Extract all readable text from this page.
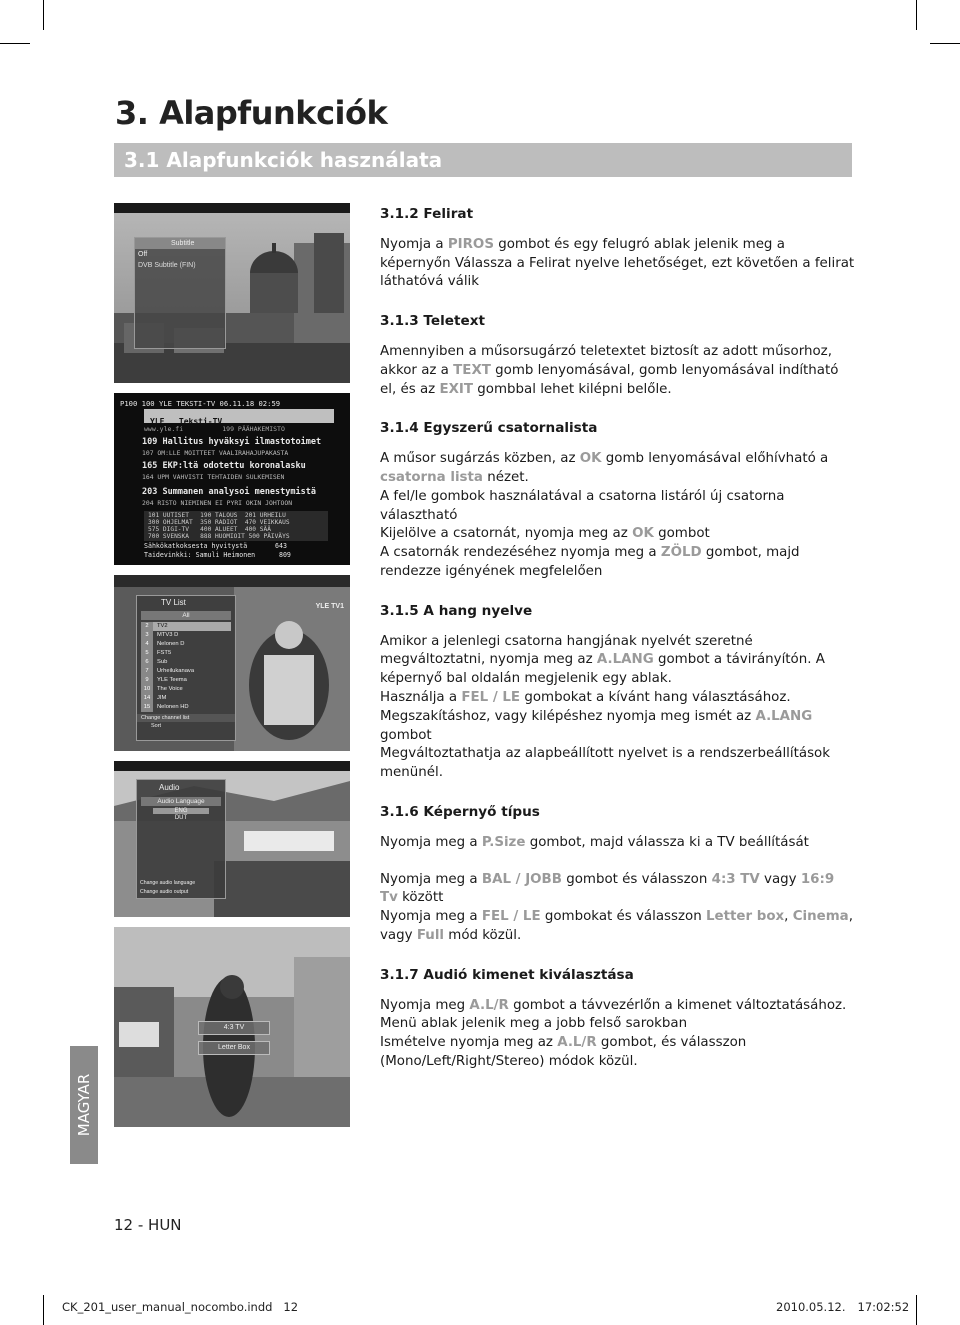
3. Alapfunkciók
3.1 Alapfunkciók használata
Subtitle
Off
DVB Subtitle (FIN)
P100 100 YLE TEKSTI-TV 06.11.18 02:59
YLE   Teksti-TV
www.yle.fi          199 PÄÄHAKEMISTO
109 Hallitus hyväksyi ilmastotoimet
107 OM:LLE MOITTEET VAALIRAHAJUPAKASTA
165 EKP:ltä odotettu koronalasku
164 UPM VAHVISTI TEHTAIDEN SULKEMISEN
203 Summanen analysoi menestymistä
204 RISTO NIEMINEN EI PYRI OKIN JOHTOON
101 UUTISET   190 TALOUS  201 URHEILU
300 OHJELMAT  350 RADIOT  470 VEIKKAUS
575 DIGI-TV   400 ALUEET  400 SÄÄ
700 SVENSKA   888 HUOMIOIT 500 PÄIVÄYS
Sähkökatkoksesta hyvitystä       643
Taidevinkki: Samuli Heimonen      809
YLE TV1
TV List
All
2	TV2
3	MTV3 D
4	Nelonen D
5	FST5
6	Sub
7	Urheilukanava
9	YLE Teema
10	The Voice
14	JIM
15	Nelonen HD
Change channel list
Sort
Audio
Audio Language
ENG
DUT
Change audio language
Change audio output
4:3 TV
Letter Box
3.1.2 Felirat

Nyomja a PIROS gombot és egy felugró ablak jelenik meg a képernyőn Válassza a Felirat nyelve lehetőséget, ezt követően a felirat láthatóvá válik

3.1.3 Teletext

Amennyiben a műsorsugárzó teletextet biztosít az adott műsorhoz, akkor az a TEXT gomb lenyomásával, gomb lenyomásával indítható el, és az EXIT gombbal lehet kilépni belőle.

3.1.4 Egyszerű csatornalista

A műsor sugárzás közben, az OK gomb lenyomásával előhívható a csatorna lista nézet.

A fel/le gombok használatával a csatorna listáról új csatorna választható

Kijelölve a csatornát, nyomja meg az OK gombot

A csatornák rendezéséhez nyomja meg a ZÖLD gombot, majd rendezze igényének megfelelően

3.1.5 A hang nyelve

Amikor a jelenlegi csatorna hangjának nyelvét szeretné megváltoztatni, nyomja meg az A.LANG gombot a távirányítón. A képernyő bal oldalán megjelenik egy ablak.

Használja a FEL / LE gombokat a kívánt hang választásához.

Megszakításhoz, vagy kilépéshez nyomja meg ismét az A.LANG gombot

Megváltoztathatja az alapbeállított nyelvet is a rendszerbeállítások menünél.

3.1.6 Képernyő típus

Nyomja meg a P.Size gombot, majd válassza ki a TV beállítását

Nyomja meg a BAL / JOBB gombot és válasszon 4:3 TV vagy 16:9 Tv között

Nyomja meg a FEL / LE gombokat és válasszon Letter box, Cinema, vagy Full mód közül.

3.1.7 Audió kimenet kiválasztása

Nyomja meg A.L/R gombot a távvezérlőn a kimenet változtatásához. Menü ablak jelenik meg a jobb felső sarokban

Ismételve nyomja meg az A.L/R gombot, és válasszon (Mono/Left/Right/Stereo) módok közül.

MAGYAR
12 - HUN
CK_201_user_manual_nocombo.indd   12	2010.05.12. 17:02:52
